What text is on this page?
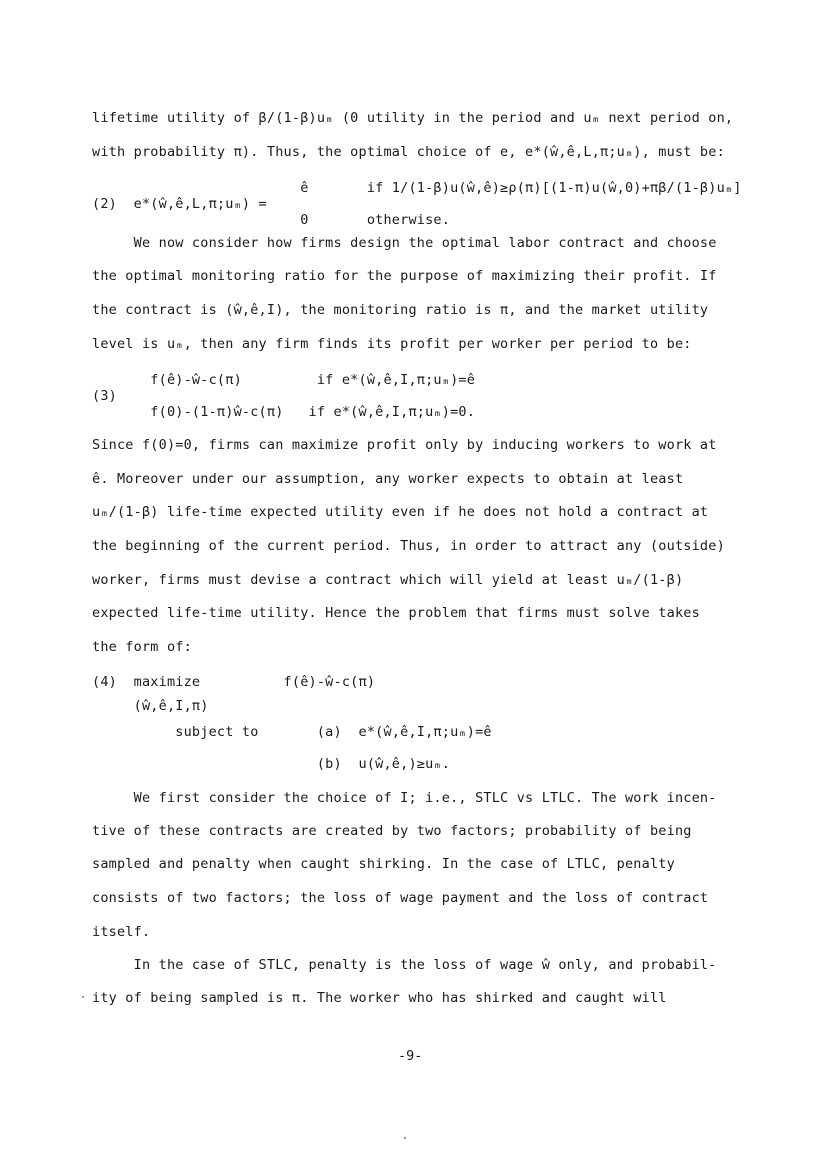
lifetime utility of β/(1-β)uₘ (0 utility in the period and uₘ next period on,
with probability π). Thus, the optimal choice of e, e*(ŵ,ê,L,π;uₘ), must be:
ê       if 1/(1-β)u(ŵ,ê)≥ρ(π)[(1-π)u(ŵ,0)+πβ/(1-β)uₘ]
(2)  e*(ŵ,ê,L,π;uₘ) =
0       otherwise.
We now consider how firms design the optimal labor contract and choose
the optimal monitoring ratio for the purpose of maximizing their profit. If
the contract is (ŵ,ê,I), the monitoring ratio is π, and the market utility
level is uₘ, then any firm finds its profit per worker per period to be:
f(ê)-ŵ-c(π)         if e*(ŵ,ê,I,π;uₘ)=ê
(3)
f(0)-(1-π)ŵ-c(π)   if e*(ŵ,ê,I,π;uₘ)=0.
Since f(0)=0, firms can maximize profit only by inducing workers to work at
ê. Moreover under our assumption, any worker expects to obtain at least
uₘ/(1-β) life-time expected utility even if he does not hold a contract at
the beginning of the current period. Thus, in order to attract any (outside)
worker, firms must devise a contract which will yield at least uₘ/(1-β)
expected life-time utility. Hence the problem that firms must solve takes
the form of:
(4)  maximize          f(ê)-ŵ-c(π)
(ŵ,ê,I,π)
subject to       (a)  e*(ŵ,ê,I,π;uₘ)=ê
(b)  u(ŵ,ê,)≥uₘ.
We first consider the choice of I; i.e., STLC vs LTLC. The work incen-
tive of these contracts are created by two factors; probability of being
sampled and penalty when caught shirking. In the case of LTLC, penalty
consists of two factors; the loss of wage payment and the loss of contract
itself.
In the case of STLC, penalty is the loss of wage ŵ only, and probabil-
ity of being sampled is π. The worker who has shirked and caught will
-9-
